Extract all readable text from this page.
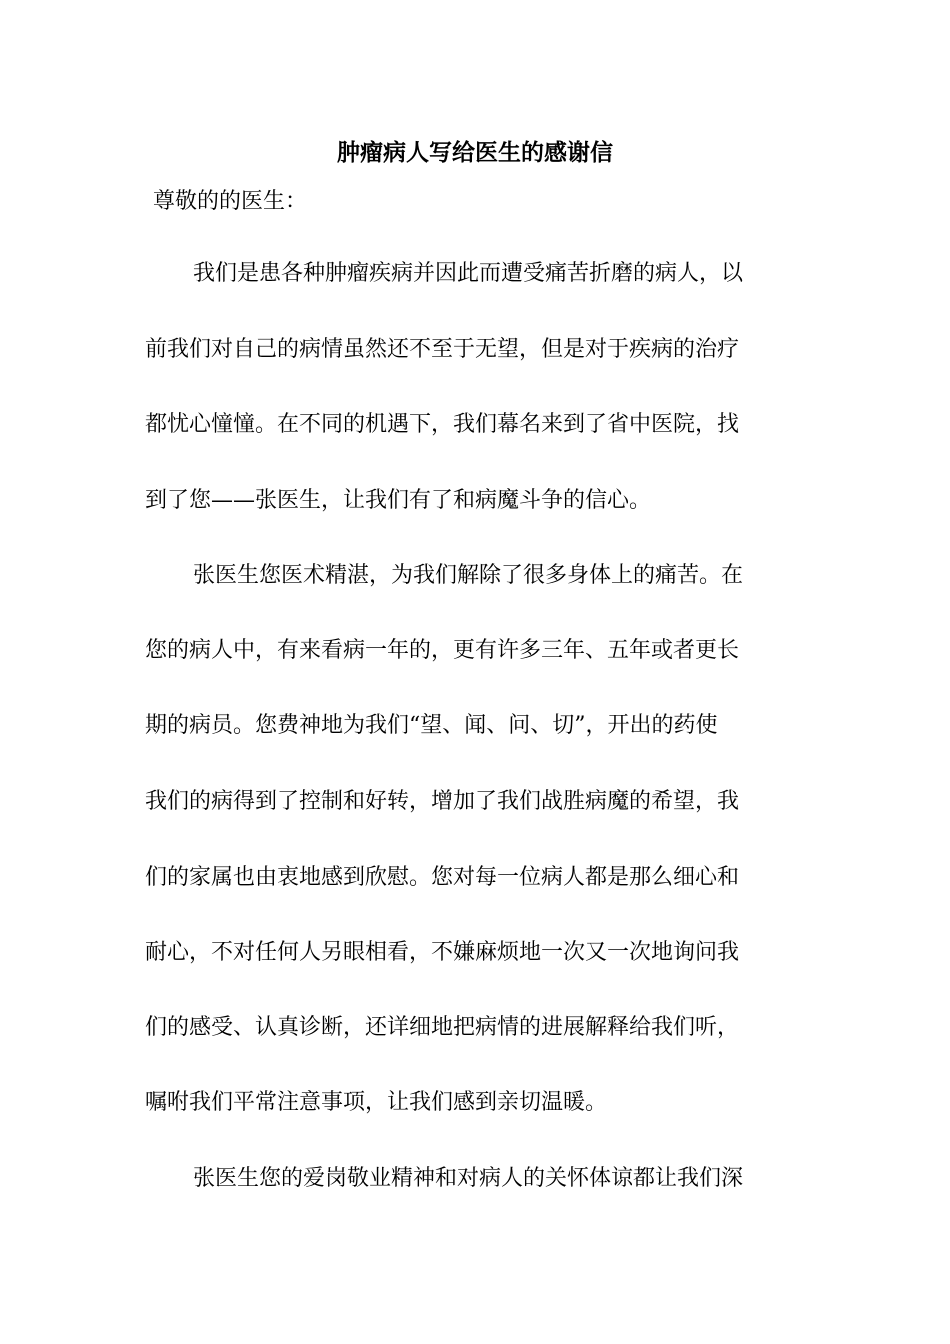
肿瘤病人写给医生的感谢信
尊敬的的医生：
我们是患各种肿瘤疾病并因此而遭受痛苦折磨的病人，以
前我们对自己的病情虽然还不至于无望，但是对于疾病的治疗
都忧心憧憧。在不同的机遇下，我们幕名来到了省中医院，找
到了您——张医生，让我们有了和病魔斗争的信心。
张医生您医术精湛，为我们解除了很多身体上的痛苦。在
您的病人中，有来看病一年的，更有许多三年、五年或者更长
期的病员。您费神地为我们“望、闻、问、切”，开出的药使
我们的病得到了控制和好转，增加了我们战胜病魔的希望，我
们的家属也由衷地感到欣慰。您对每一位病人都是那么细心和
耐心，不对任何人另眼相看，不嫌麻烦地一次又一次地询问我
们的感受、认真诊断，还详细地把病情的进展解释给我们听，
嘱咐我们平常注意事项，让我们感到亲切温暖。
张医生您的爱岗敬业精神和对病人的关怀体谅都让我们深
